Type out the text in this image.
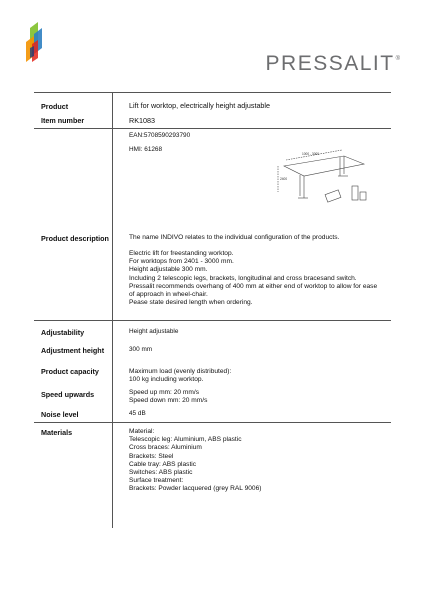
PRESSALIT®
Product	Lift for worktop, electrically height adjustable
Item number	RK1083
EAN:5708590293790
HMI: 61268
1000 - 3000
2400
Product description	The name INDIVO relates to the individual configuration of the products.
Electric lift for freestanding worktop.
For worktops from 2401 - 3000 mm.
Height adjustable 300 mm.
Including 2 telescopic legs, brackets, longitudinal and cross bracesand switch.
Pressalit recommends overhang of 400 mm at either end of worktop to allow for ease
of approach in wheel-chair.
Pease state desired length when ordering.
Adjustability	Height adjustable
Adjustment height	300 mm
Product capacity	Maximum load (evenly distributed):
100 kg including worktop.
Speed upwards	Speed up mm: 20 mm/s
Speed down mm: 20 mm/s
Noise level	45 dB
Materials	Material:
Telescopic leg: Aluminium, ABS plastic
Cross braces: Aluminium
Brackets: Steel
Cable tray: ABS plastic
Switches: ABS plastic
Surface treatment:
Brackets: Powder lacquered (grey RAL 9006)
